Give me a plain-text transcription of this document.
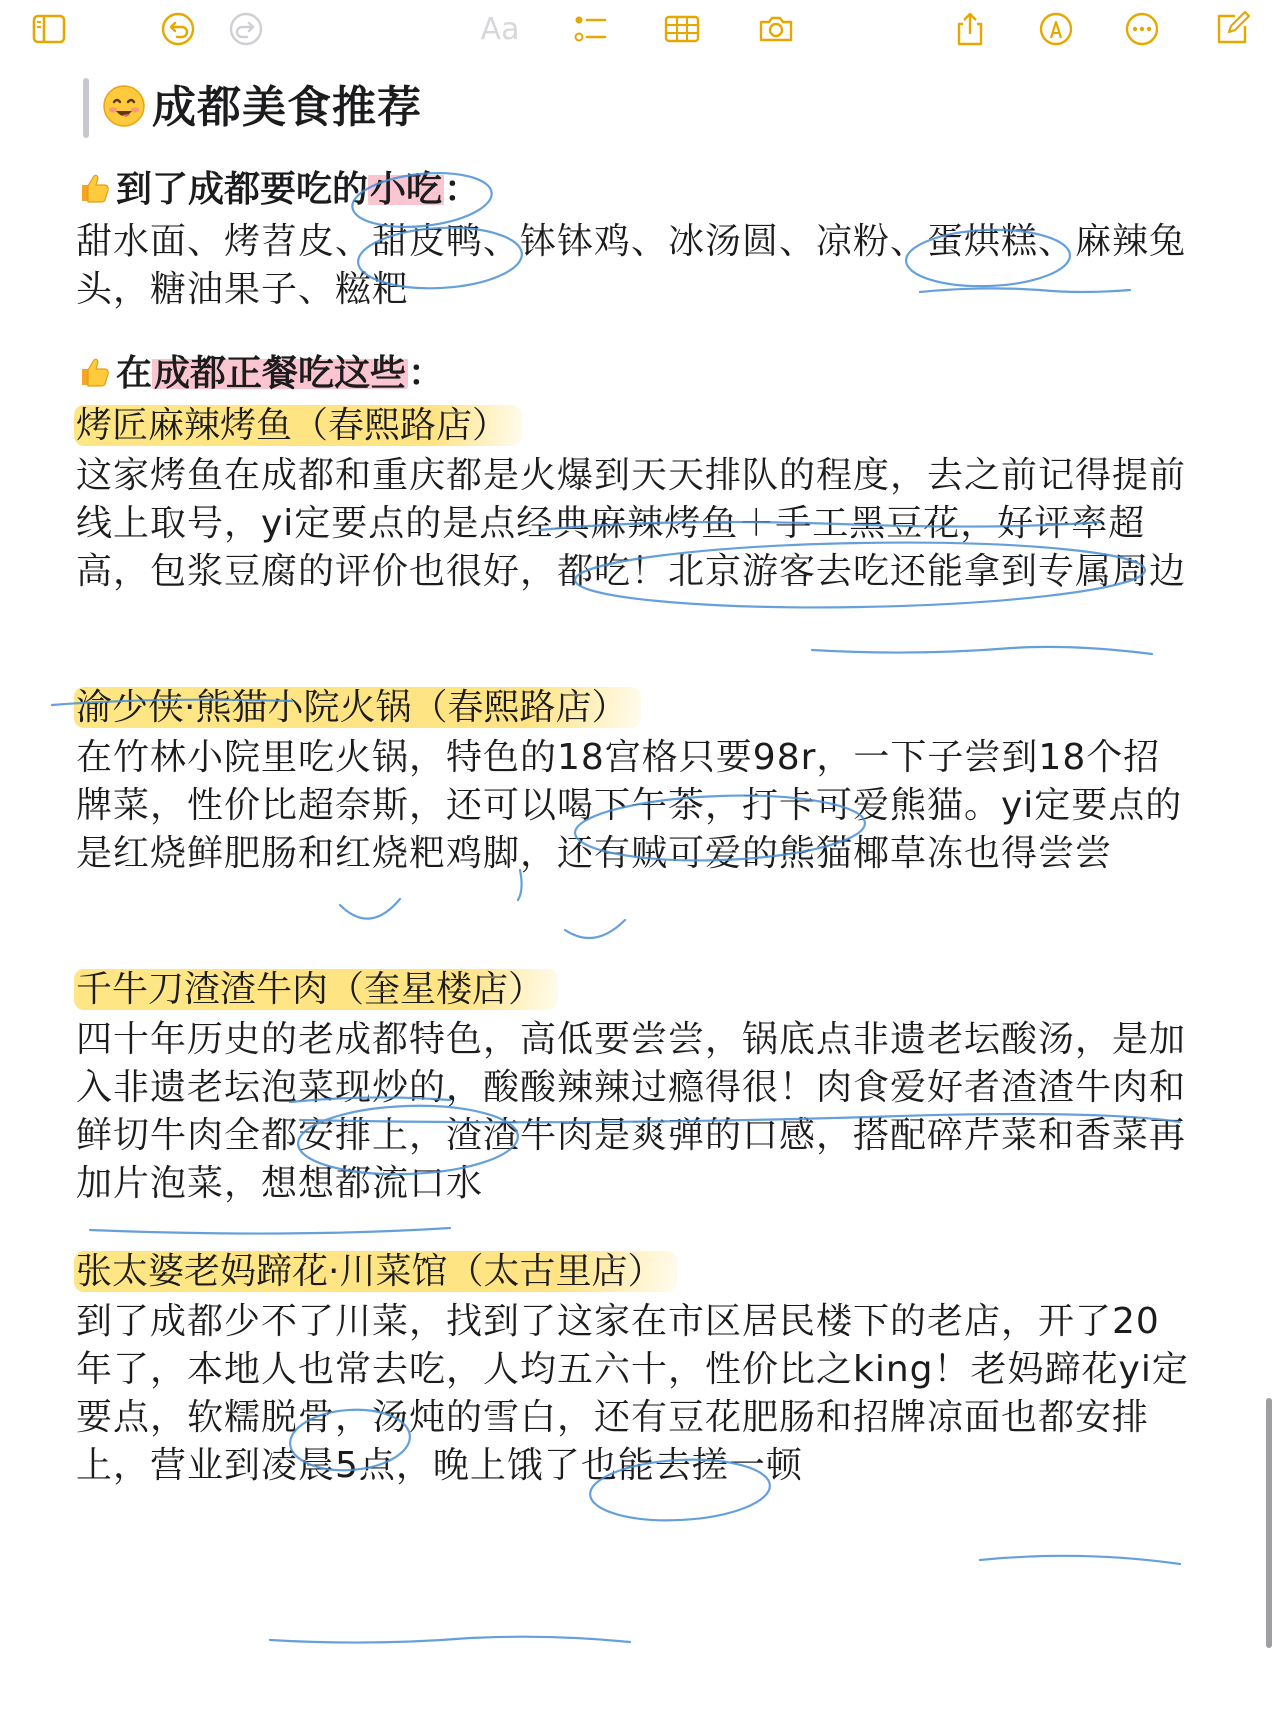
Aa
成都美食推荐
到了成都要吃的小吃：
甜水面、烤苕皮、甜皮鸭、钵钵鸡、冰汤圆、凉粉、蛋烘糕、麻辣兔头，糖油果子、糍粑
在成都正餐吃这些：
烤匠麻辣烤鱼（春熙路店）
这家烤鱼在成都和重庆都是火爆到天天排队的程度，去之前记得提前线上取号，yi定要点的是点经典麻辣烤鱼＋手工黑豆花，好评率超高，包浆豆腐的评价也很好，都吃！北京游客去吃还能拿到专属周边
渝少侠·熊猫小院火锅（春熙路店）
在竹林小院里吃火锅，特色的18宫格只要98r，一下子尝到18个招牌菜，性价比超奈斯，还可以喝下午茶，打卡可爱熊猫。yi定要点的是红烧鲜肥肠和红烧粑鸡脚，还有贼可爱的熊猫椰草冻也得尝尝
千牛刀渣渣牛肉（奎星楼店）
四十年历史的老成都特色，高低要尝尝，锅底点非遗老坛酸汤，是加入非遗老坛泡菜现炒的，酸酸辣辣过瘾得很！肉食爱好者渣渣牛肉和鲜切牛肉全都安排上，渣渣牛肉是爽弹的口感，搭配碎芹菜和香菜再加片泡菜，想想都流口水
张太婆老妈蹄花·川菜馆（太古里店）
到了成都少不了川菜，找到了这家在市区居民楼下的老店，开了20年了，本地人也常去吃，人均五六十，性价比之king！老妈蹄花yi定要点，软糯脱骨，汤炖的雪白，还有豆花肥肠和招牌凉面也都安排上，营业到凌晨5点，晚上饿了也能去搓一顿
